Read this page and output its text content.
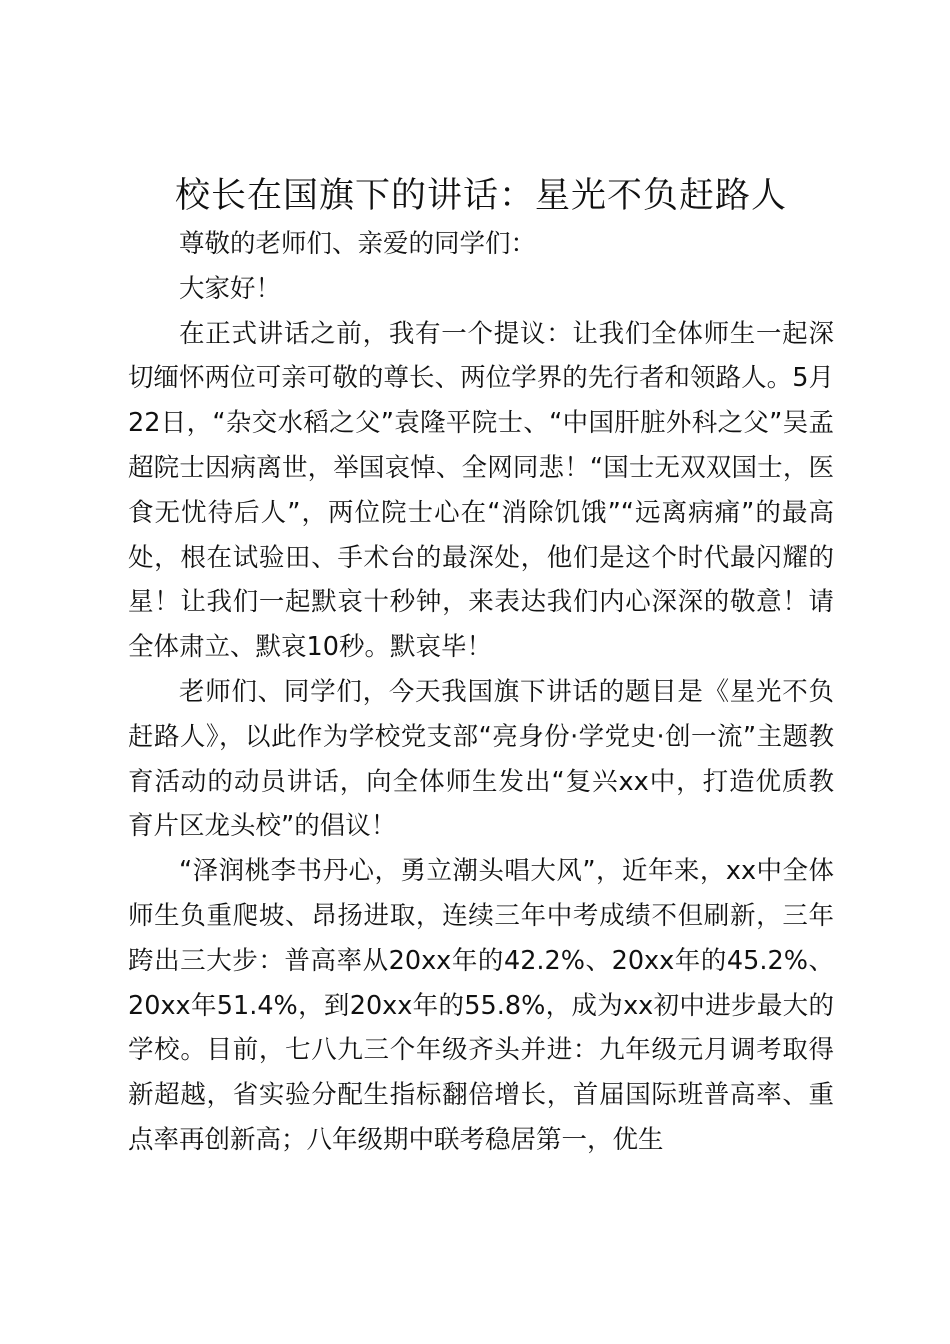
校长在国旗下的讲话：星光不负赶路人

尊敬的老师们、亲爱的同学们：

大家好！

在正式讲话之前，我有一个提议：让我们全体师生一起深切缅怀两位可亲可敬的尊长、两位学界的先行者和领路人。5月22日，“杂交水稻之父”袁隆平院士、“中国肝脏外科之父”吴孟超院士因病离世，举国哀悼、全网同悲！“国士无双双国士，医食无忧待后人”，两位院士心在“消除饥饿”“远离病痛”的最高处，根在试验田、手术台的最深处，他们是这个时代最闪耀的星！让我们一起默哀十秒钟，来表达我们内心深深的敬意！请全体肃立、默哀10秒。默哀毕！

老师们、同学们，今天我国旗下讲话的题目是《星光不负赶路人》，以此作为学校党支部“亮身份·学党史·创一流”主题教育活动的动员讲话，向全体师生发出“复兴xx中，打造优质教育片区龙头校”的倡议！

“泽润桃李书丹心，勇立潮头唱大风”，近年来，xx中全体师生负重爬坡、昂扬进取，连续三年中考成绩不但刷新，三年跨出三大步：普高率从20xx年的42.2%、20xx年的45.2%、20xx年51.4%，到20xx年的55.8%，成为xx初中进步最大的学校。目前，七八九三个年级齐头并进：九年级元月调考取得新超越，省实验分配生指标翻倍增长，首届国际班普高率、重点率再创新高；八年级期中联考稳居第一，优生
